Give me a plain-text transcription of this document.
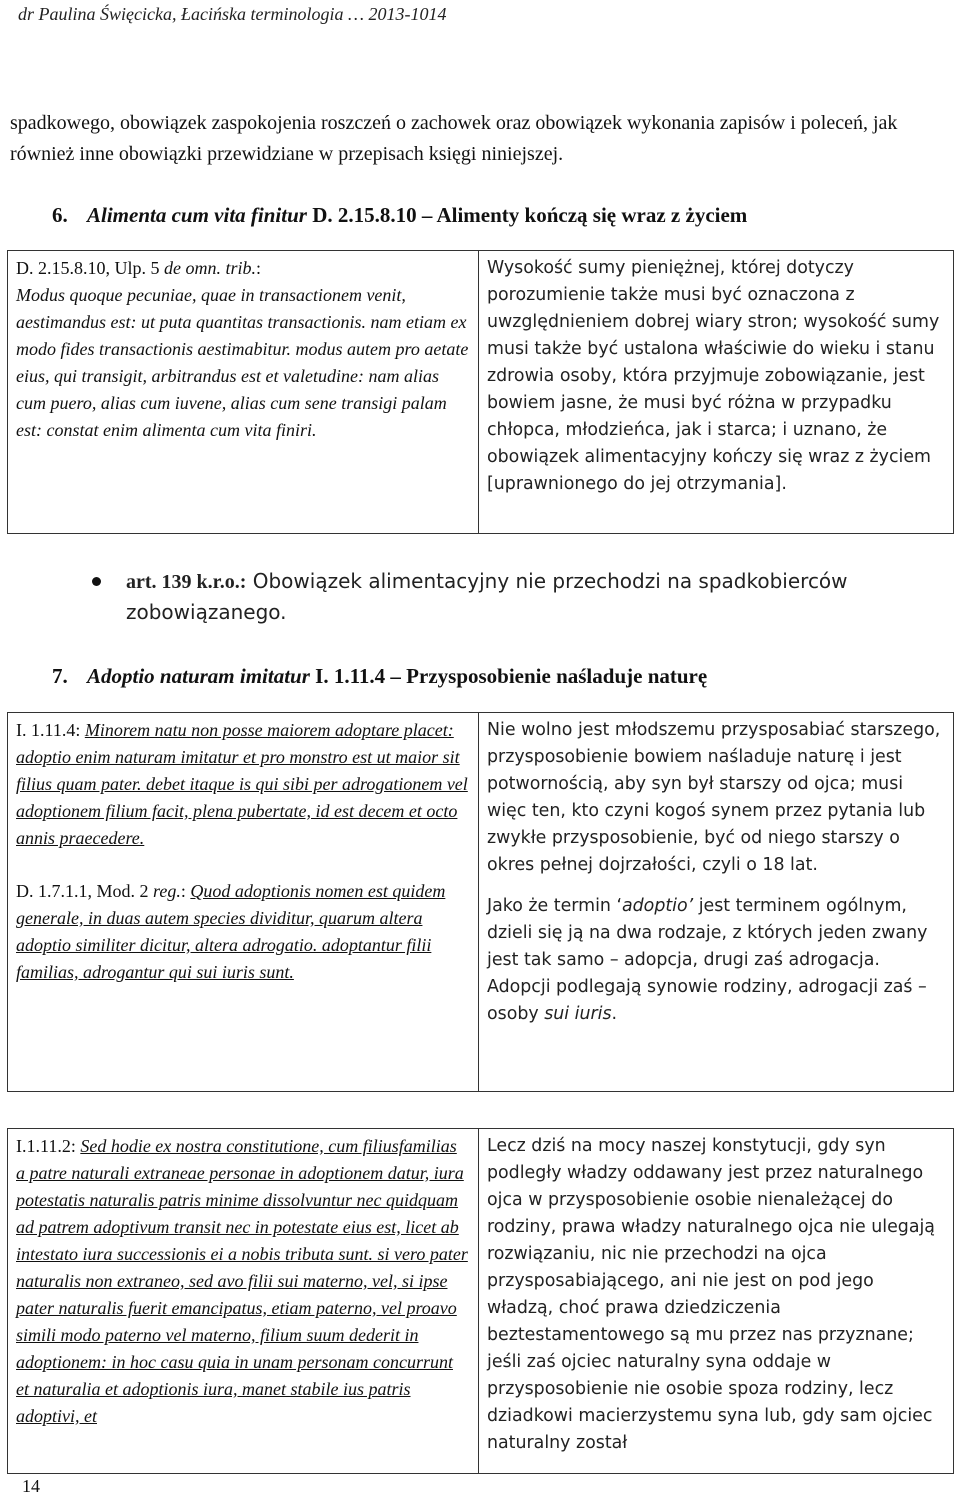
dr Paulina Święcicka, Łacińska terminologia … 2013-1014
spadkowego, obowiązek zaspokojenia roszczeń o zachowek oraz obowiązek wykonania zapisów i poleceń, jak również inne obowiązki przewidziane w przepisach księgi niniejszej.
6. Alimenta cum vita finitur D. 2.15.8.10 – Alimenty kończą się wraz z życiem
D. 2.15.8.10, Ulp. 5 de omn. trib.:
Modus quoque pecuniae, quae in transactionem venit, aestimandus est: ut puta quantitas transactionis. nam etiam ex modo fides transactionis aestimabitur. modus autem pro aetate eius, qui transigit, arbitrandus est et valetudine: nam alias cum puero, alias cum iuvene, alias cum sene transigi palam est: constat enim alimenta cum vita finiri.
Wysokość sumy pieniężnej, której dotyczy porozumienie także musi być oznaczona z uwzględnieniem dobrej wiary stron; wysokość sumy musi także być ustalona właściwie do wieku i stanu zdrowia osoby, która przyjmuje zobowiązanie, jest bowiem jasne, że musi być różna w przypadku chłopca, młodzieńca, jak i starca; i uznano, że obowiązek alimentacyjny kończy się wraz z życiem [uprawnionego do jej otrzymania].
art. 139 k.r.o.: Obowiązek alimentacyjny nie przechodzi na spadkobierców zobowiązanego.
7. Adoptio naturam imitatur I. 1.11.4 – Przysposobienie naśladuje naturę
I. 1.11.4: Minorem natu non posse maiorem adoptare placet: adoptio enim naturam imitatur et pro monstro est ut maior sit filius quam pater. debet itaque is qui sibi per adrogationem vel adoptionem filium facit, plena pubertate, id est decem et octo annis praecedere.
D. 1.7.1.1, Mod. 2 reg.: Quod adoptionis nomen est quidem generale, in duas autem species dividitur, quarum altera adoptio similiter dicitur, altera adrogatio. adoptantur filii familias, adrogantur qui sui iuris sunt.
Nie wolno jest młodszemu przysposabiać starszego, przysposobienie bowiem naśladuje naturę i jest potwornością, aby syn był starszy od ojca; musi więc ten, kto czyni kogoś synem przez pytania lub zwykłe przysposobienie, być od niego starszy o okres pełnej dojrzałości, czyli o 18 lat.
Jako że termin ‘adoptio’ jest terminem ogólnym, dzieli się ją na dwa rodzaje, z których jeden zwany jest tak samo – adopcja, drugi zaś adrogacja. Adopcji podlegają synowie rodziny, adrogacji zaś – osoby sui iuris.
I.1.11.2: Sed hodie ex nostra constitutione, cum filiusfamilias a patre naturali extraneae personae in adoptionem datur, iura potestatis naturalis patris minime dissolvuntur nec quidquam ad patrem adoptivum transit nec in potestate eius est, licet ab intestato iura successionis ei a nobis tributa sunt. si vero pater naturalis non extraneo, sed avo filii sui materno, vel, si ipse pater naturalis fuerit emancipatus, etiam paterno, vel proavo simili modo paterno vel materno, filium suum dederit in adoptionem: in hoc casu quia in unam personam concurrunt et naturalia et adoptionis iura, manet stabile ius patris adoptivi, et
Lecz dziś na mocy naszej konstytucji, gdy syn podległy władzy oddawany jest przez naturalnego ojca w przysposobienie osobie nienależącej do rodziny, prawa władzy naturalnego ojca nie ulegają rozwiązaniu, nic nie przechodzi na ojca przysposabiającego, ani nie jest on pod jego władzą, choć prawa dziedziczenia beztestamentowego są mu przez nas przyznane; jeśli zaś ojciec naturalny syna oddaje w przysposobienie nie osobie spoza rodziny, lecz dziadkowi macierzystemu syna lub, gdy sam ojciec naturalny został
14
